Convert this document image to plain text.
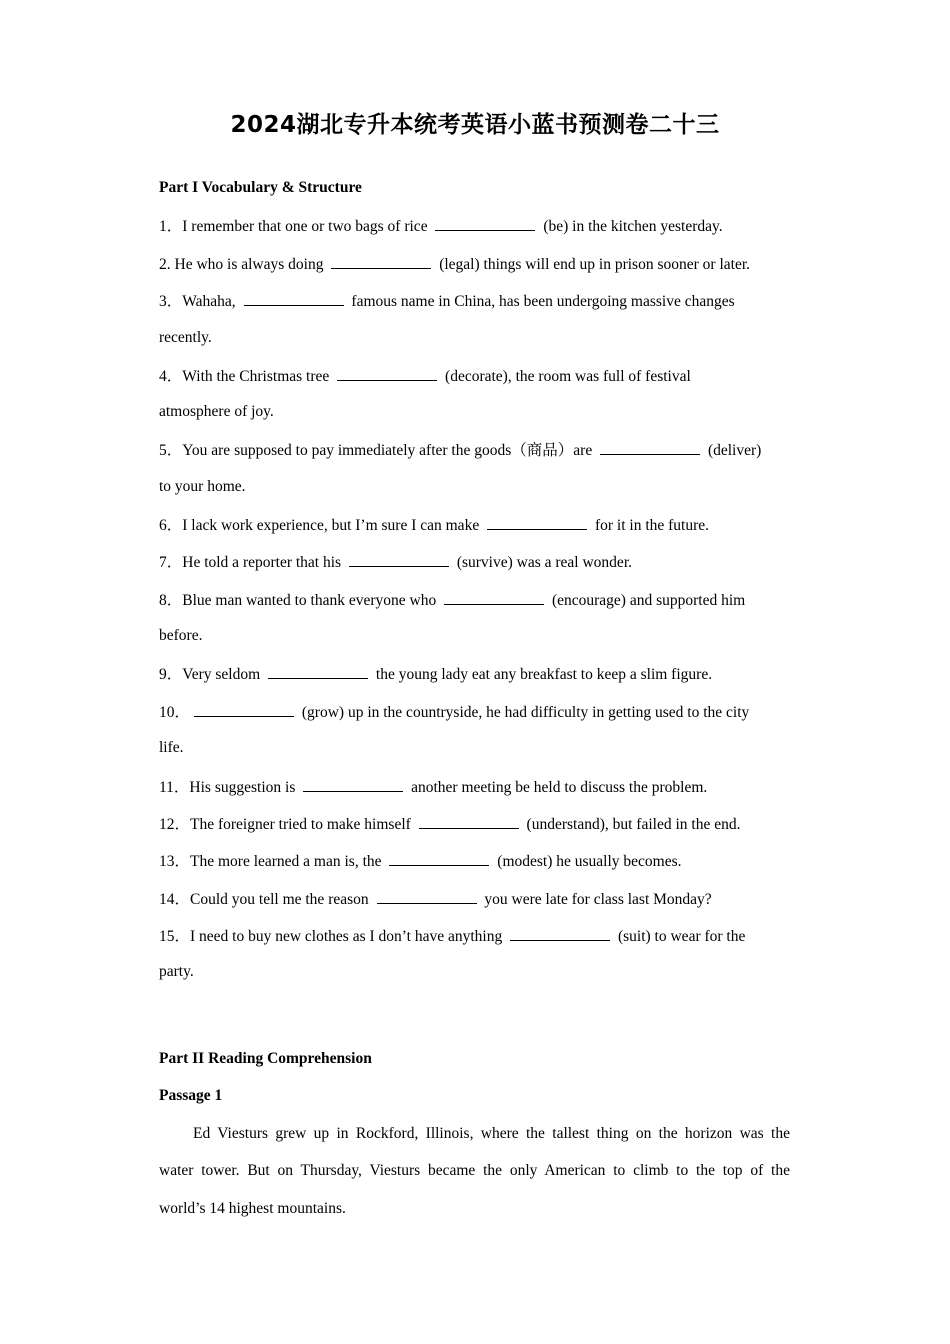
2024湖北专升本统考英语小蓝书预测卷二十三
Part I Vocabulary & Structure
1．I remember that one or two bags of rice	(be) in the kitchen yesterday.
2. He who is always doing	(legal) things will end up in prison sooner or later.
3．Wahaha,	famous name in China, has been undergoing massive changes
recently.
4．With the Christmas tree	(decorate), the room was full of festival
atmosphere of joy.
5．You are supposed to pay immediately after the goods（商品）are	(deliver)
to your home.
6．I lack work experience, but I’m sure I can make	for it in the future.
7．He told a reporter that his	(survive) was a real wonder.
8．Blue man wanted to thank everyone who	(encourage) and supported him
before.
9．Very seldom	the young lady eat any breakfast to keep a slim figure.
10．	(grow) up in the countryside, he had difficulty in getting used to the city
life.
11．His suggestion is	another meeting be held to discuss the problem.
12．The foreigner tried to make himself	(understand), but failed in the end.
13．The more learned a man is, the	(modest) he usually becomes.
14．Could you tell me the reason	you were late for class last Monday?
15．I need to buy new clothes as I don’t have anything	(suit) to wear for the
party.
Part II Reading Comprehension
Passage 1
Ed Viesturs grew up in Rockford, Illinois, where the tallest thing on the horizon was the
water tower. But on Thursday, Viesturs became the only American to climb to the top of the
world’s 14 highest mountains.
